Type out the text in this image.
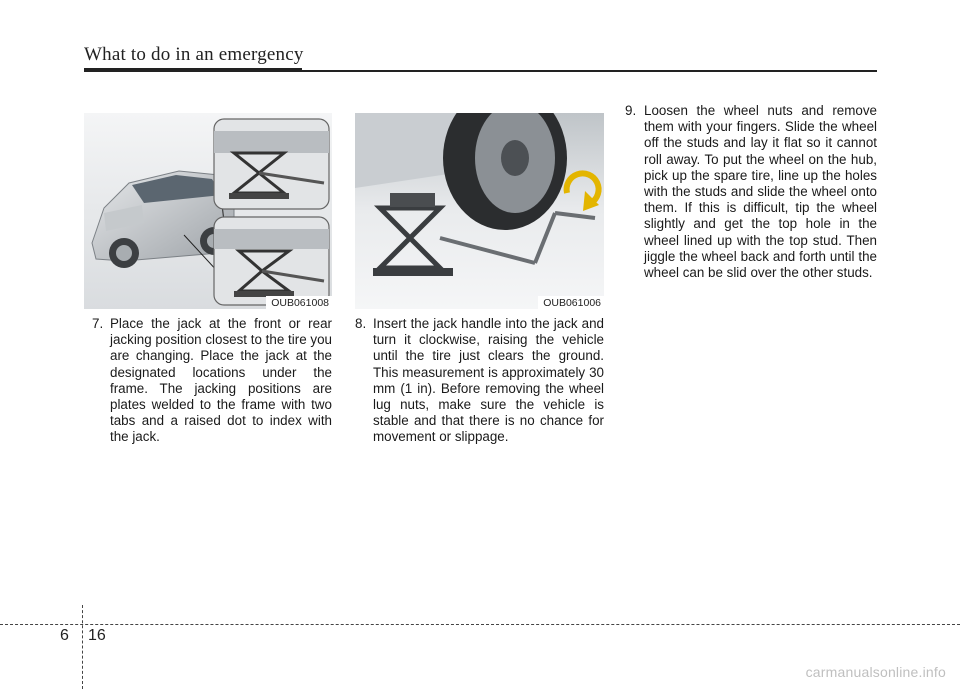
What to do in an emergency
OUB061008	OUB061006
7. Place the jack at the front or rear jacking position closest to the tire you are changing. Place the jack at the designated locations under the frame. The jacking positions are plates welded to the frame with two tabs and a raised dot to index with the jack.
8. Insert the jack handle into the jack and turn it clockwise, raising the vehicle until the tire just clears the ground. This measurement is approximately 30 mm (1 in). Before removing the wheel lug nuts, make sure the vehicle is stable and that there is no chance for movement or slippage.
9. Loosen the wheel nuts and remove them with your fingers. Slide the wheel off the studs and lay it flat so it cannot roll away. To put the wheel on the hub, pick up the spare tire, line up the holes with the studs and slide the wheel onto them. If this is difficult, tip the wheel slightly and get the top hole in the wheel lined up with the top stud. Then jiggle the wheel back and forth until the wheel can be slid over the other studs.
6 16
carmanualsonline.info
